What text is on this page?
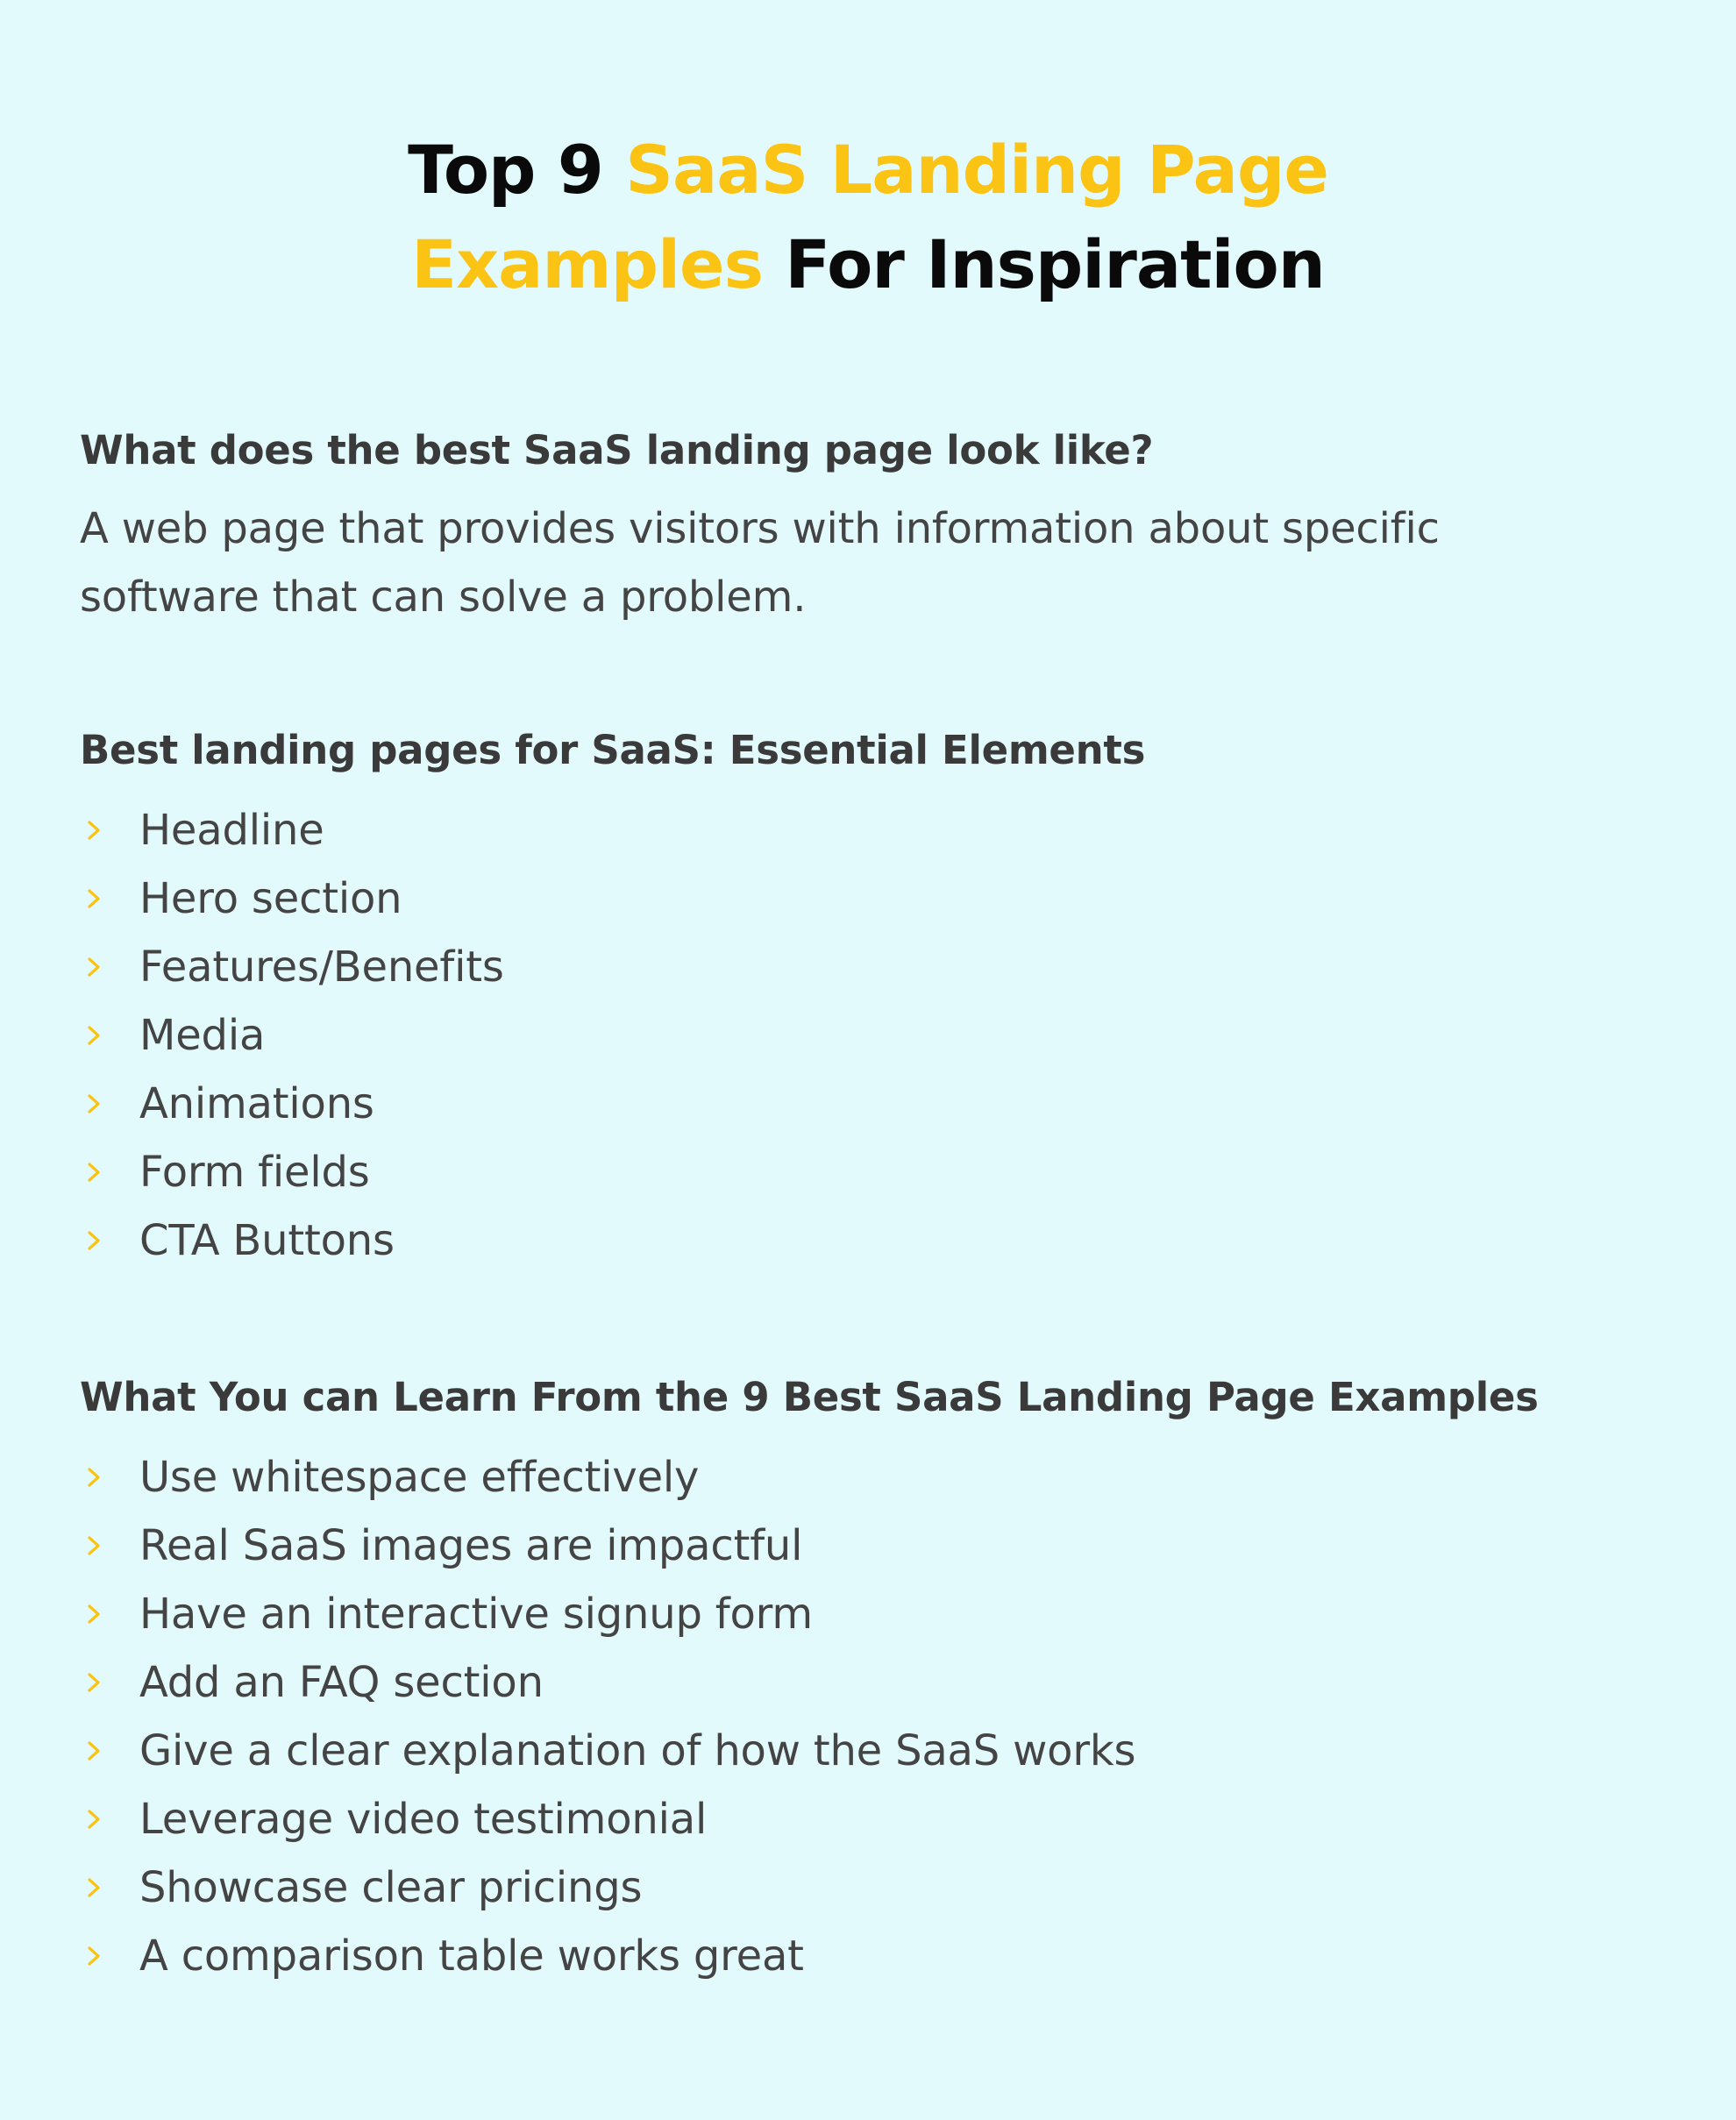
Top 9 SaaS Landing Page
Examples For Inspiration
What does the best SaaS landing page look like?

A web page that provides visitors with information about specific
software that can solve a problem.

Best landing pages for SaaS: Essential Elements
Headline
Hero section
Features/Benefits
Media
Animations
Form fields
CTA Buttons
What You can Learn From the 9 Best SaaS Landing Page Examples
Use whitespace effectively
Real SaaS images are impactful
Have an interactive signup form
Add an FAQ section
Give a clear explanation of how the SaaS works
Leverage video testimonial
Showcase clear pricings
A comparison table works great
